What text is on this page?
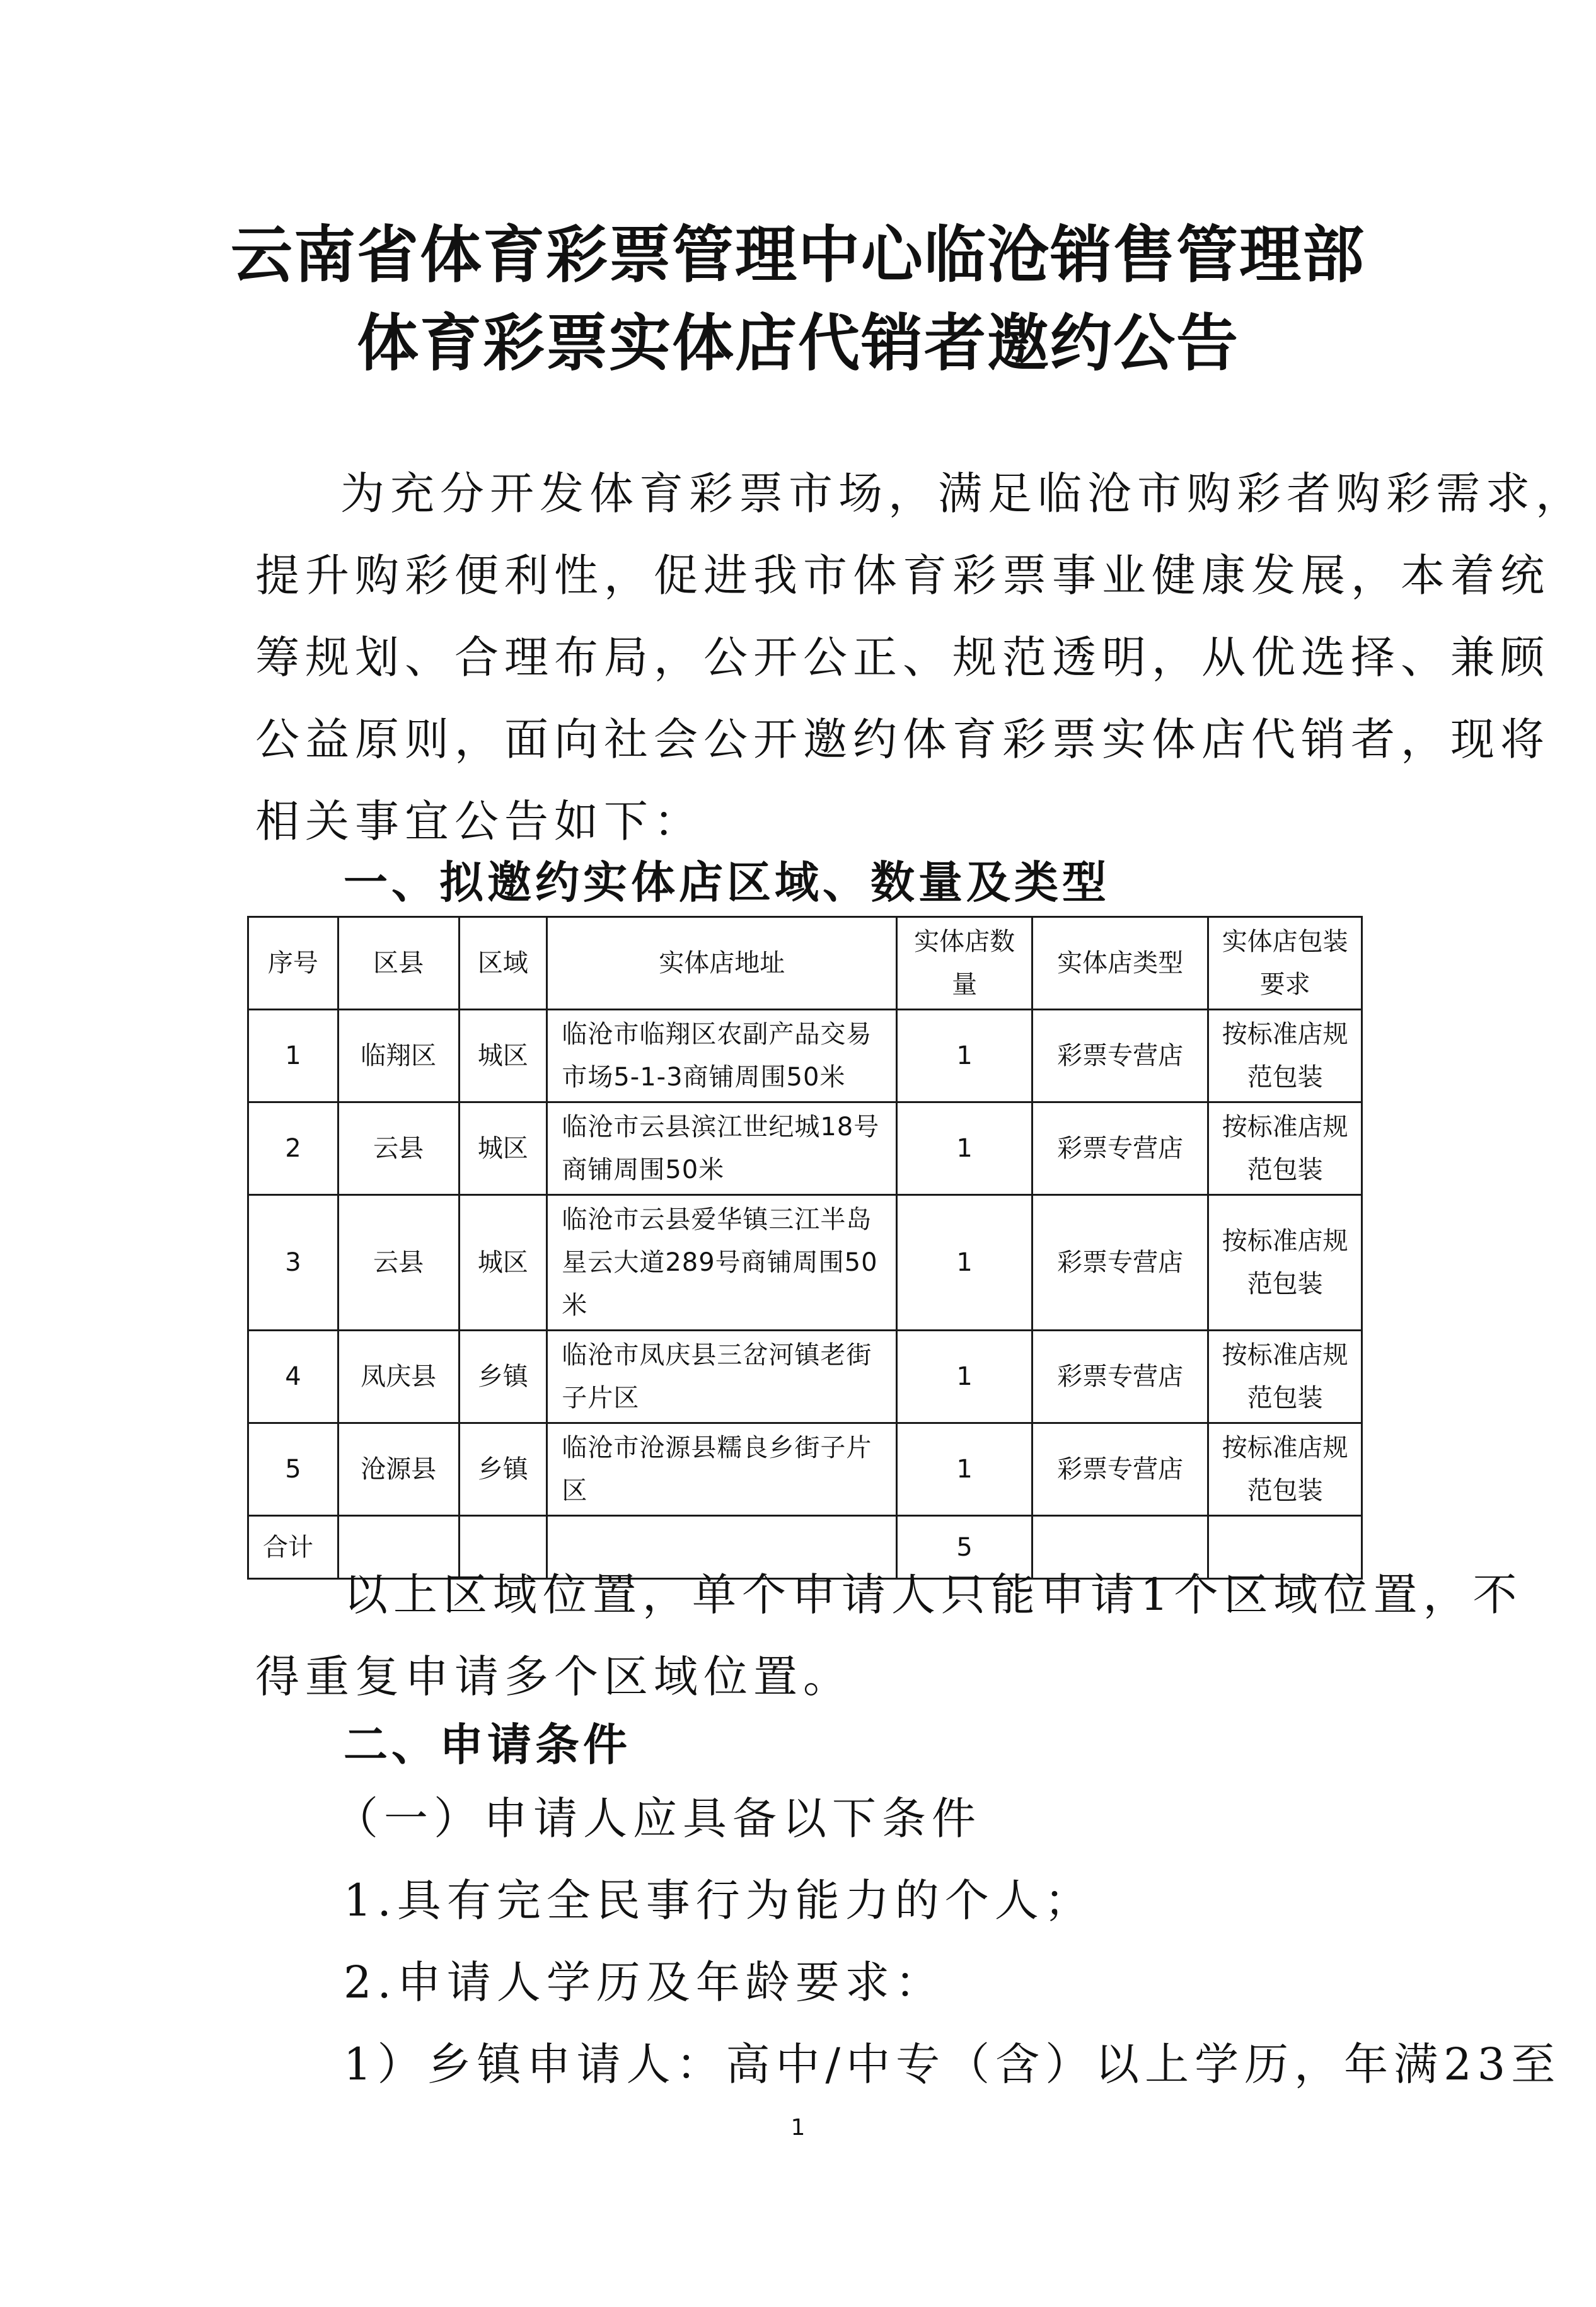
云南省体育彩票管理中心临沧销售管理部
体育彩票实体店代销者邀约公告
为充分开发体育彩票市场，满足临沧市购彩者购彩需求，
提升购彩便利性，促进我市体育彩票事业健康发展，本着统
筹规划、合理布局，公开公正、规范透明，从优选择、兼顾
公益原则，面向社会公开邀约体育彩票实体店代销者，现将
相关事宜公告如下：
一、拟邀约实体店区域、数量及类型
序号	区县	区域	实体店地址	实体店数量	实体店类型	实体店包装要求
1	临翔区	城区	临沧市临翔区农副产品交易市场5-1-3商铺周围50米	1	彩票专营店	按标准店规范包装
2	云县	城区	临沧市云县滨江世纪城18号商铺周围50米	1	彩票专营店	按标准店规范包装
3	云县	城区	临沧市云县爱华镇三江半岛星云大道289号商铺周围50米	1	彩票专营店	按标准店规范包装
4	凤庆县	乡镇	临沧市凤庆县三岔河镇老街子片区	1	彩票专营店	按标准店规范包装
5	沧源县	乡镇	临沧市沧源县糯良乡街子片区	1	彩票专营店	按标准店规范包装
合计				5		
以上区域位置，单个申请人只能申请1个区域位置，不
得重复申请多个区域位置。
二、申请条件
（一）申请人应具备以下条件
1.具有完全民事行为能力的个人；
2.申请人学历及年龄要求：
1）乡镇申请人：高中/中专（含）以上学历，年满23至
1
